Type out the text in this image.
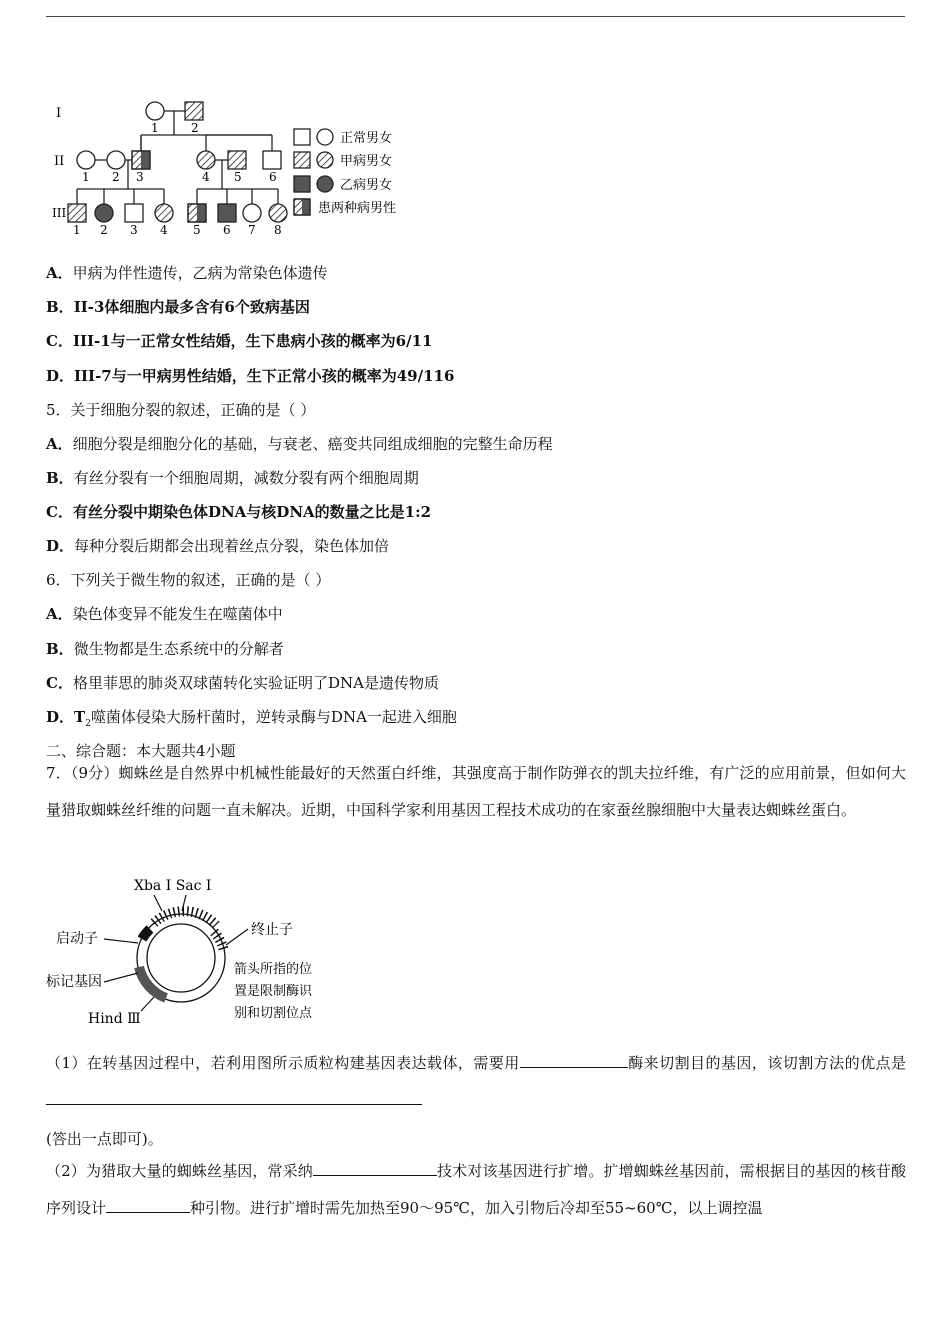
I
II
III
1	2
1 2 3	4 5 6
1 2 3 4 5 6 7 8
正常男女
甲病男女
乙病男女
患两种病男性
A．甲病为伴性遗传，乙病为常染色体遗传
B．II-3体细胞内最多含有6个致病基因
C．III-1与一正常女性结婚，生下患病小孩的概率为6/11
D．III-7与一甲病男性结婚，生下正常小孩的概率为49/116
5．关于细胞分裂的叙述，正确的是（ ）
A．细胞分裂是细胞分化的基础，与衰老、癌变共同组成细胞的完整生命历程
B．有丝分裂有一个细胞周期，减数分裂有两个细胞周期
C．有丝分裂中期染色体DNA与核DNA的数量之比是1:2
D．每种分裂后期都会出现着丝点分裂，染色体加倍
6．下列关于微生物的叙述，正确的是（ ）
A．染色体变异不能发生在噬菌体中
B．微生物都是生态系统中的分解者
C．格里菲思的肺炎双球菌转化实验证明了DNA是遗传物质
D．$T_2$噬菌体侵染大肠杆菌时，逆转录酶与DNA一起进入细胞
二、综合题：本大题共4小题
7．（9分）蜘蛛丝是自然界中机械性能最好的天然蛋白纤维，其强度高于制作防弹衣的凯夫拉纤维，有广泛的应用前景，但如何大量猎取蜘蛛丝纤维的问题一直未解决。近期，中国科学家利用基因工程技术成功的在家蚕丝腺细胞中大量表达蜘蛛丝蛋白。
Xba I Sac I
启动子
终止子
标记基因
Hind Ⅲ
箭头所指的位
置是限制酶识
别和切割位点
（1）在转基因过程中，若利用图所示质粒构建基因表达载体，需要用	酶来切割目的基因，该切割方法的优点是
(答出一点即可)。
（2）为猎取大量的蜘蛛丝基因，常采纳	技术对该基因进行扩增。扩增蜘蛛丝基因前，需根据目的基因的核苷酸序列设计	种引物。进行扩增时需先加热至90～95℃，加入引物后冷却至55~60℃，以上调控温
